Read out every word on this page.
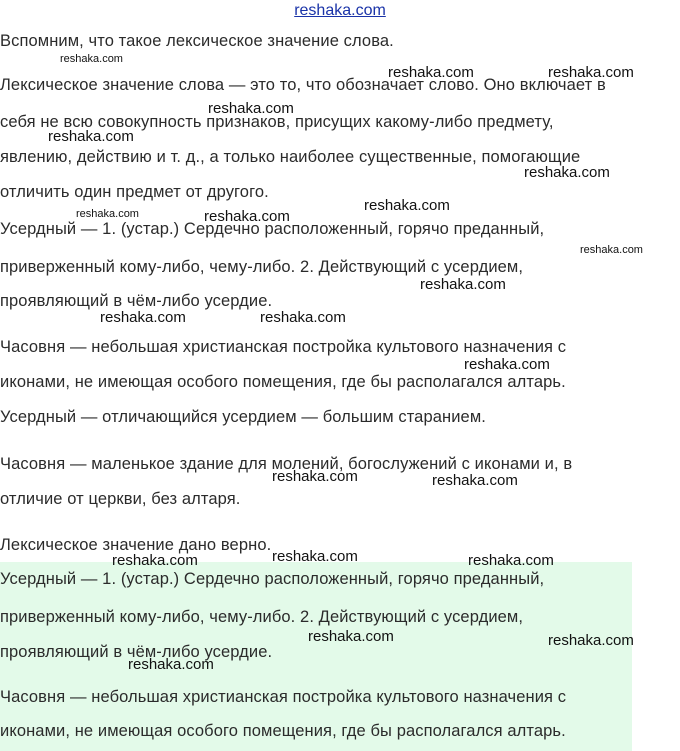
reshaka.com
Вспомним, что такое лексическое значение слова.
Лексическое значение слова — это то, что обозначает слово. Оно включает в
себя не всю совокупность признаков, присущих какому-либо предмету,
явлению, действию и т. д., а только наиболее существенные, помогающие
отличить один предмет от другого.
Усердный — 1. (устар.) Сердечно расположенный, горячо преданный,
приверженный кому-либо, чему-либо. 2. Действующий с усердием,
проявляющий в чём-либо усердие.
Часовня — небольшая христианская постройка культового назначения с
иконами, не имеющая особого помещения, где бы располагался алтарь.
Усердный — отличающийся усердием — большим старанием.
Часовня — маленькое здание для молений, богослужений с иконами и, в
отличие от церкви, без алтаря.
Лексическое значение дано верно.
Усердный — 1. (устар.) Сердечно расположенный, горячо преданный,
приверженный кому-либо, чему-либо. 2. Действующий с усердием,
проявляющий в чём-либо усердие.
Часовня — небольшая христианская постройка культового назначения с
иконами, не имеющая особого помещения, где бы располагался алтарь.
reshaka.com
reshaka.com	reshaka.com
reshaka.com
reshaka.com
reshaka.com
reshaka.com
reshaka.com	reshaka.com
reshaka.com
reshaka.com
reshaka.com	reshaka.com
reshaka.com
reshaka.com	reshaka.com
reshaka.com	reshaka.com
reshaka.com
reshaka.com	reshaka.com
reshaka.com
